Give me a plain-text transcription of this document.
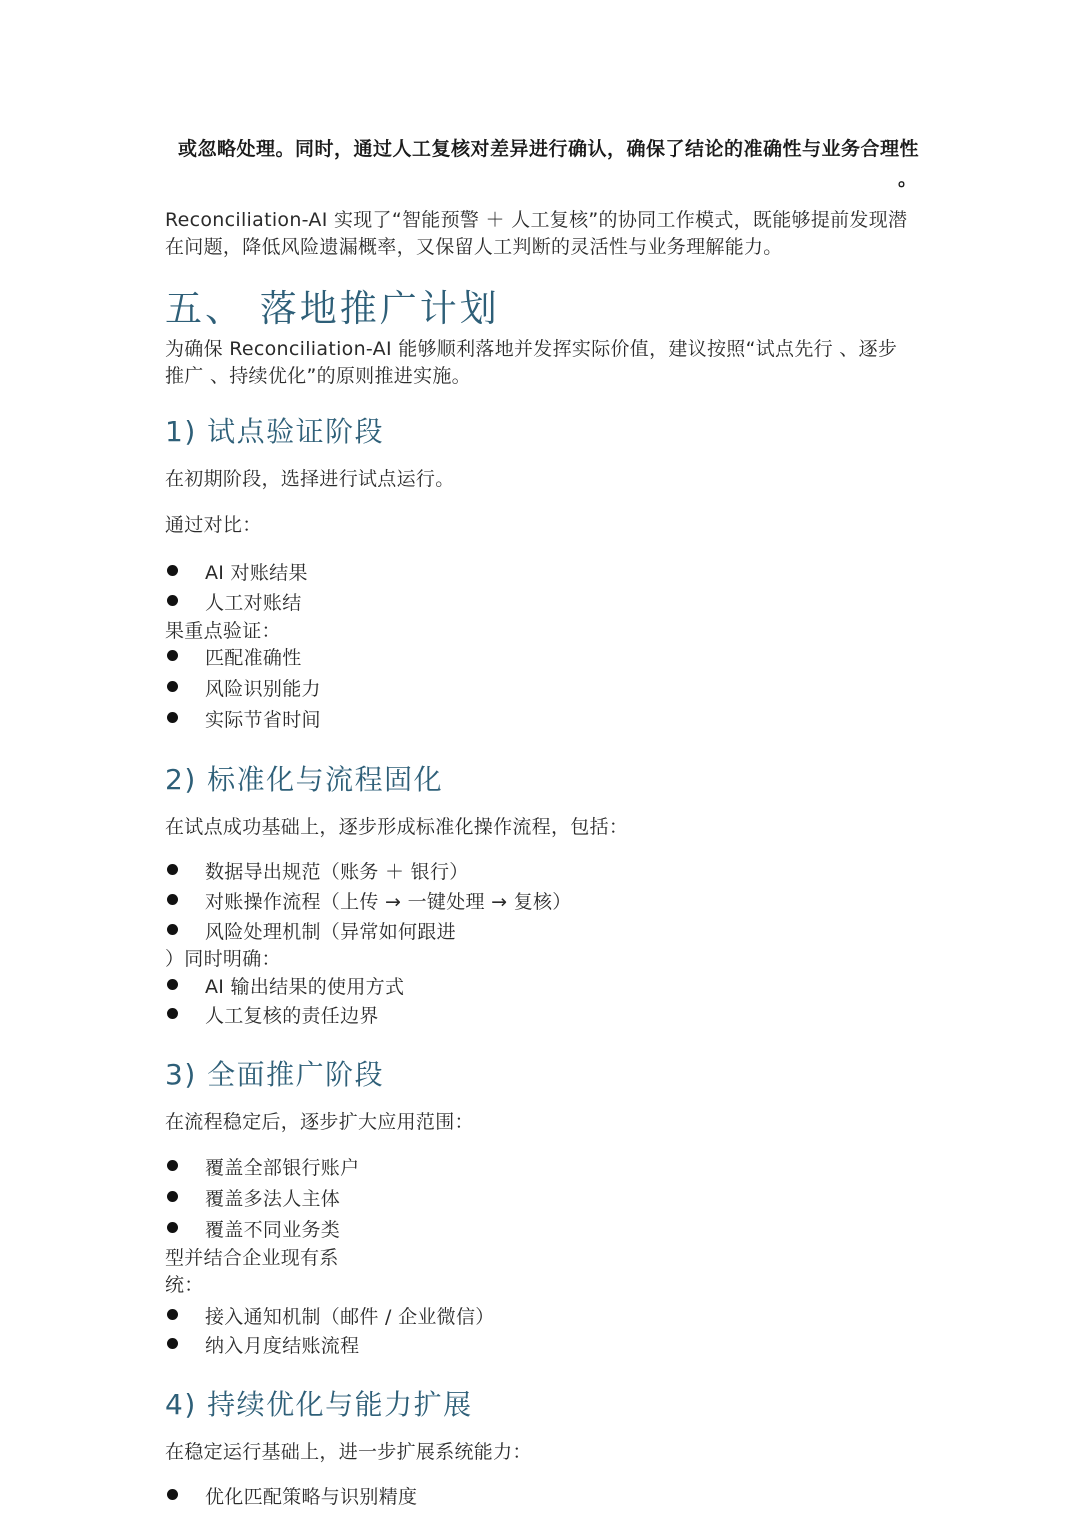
或忽略处理。同时，通过人工复核对差异进行确认，确保了结论的准确性与业务合理性
。
Reconciliation-AI 实现了“智能预警 ＋ 人工复核”的协同工作模式，既能够提前发现潜
在问题，降低风险遗漏概率，又保留人工判断的灵活性与业务理解能力。
五、 落地推广计划
为确保 Reconciliation-AI 能够顺利落地并发挥实际价值，建议按照“试点先行 、逐步
推广 、持续优化”的原则推进实施。
1) 试点验证阶段
在初期阶段，选择进行试点运行。
通过对比：
AI 对账结果
人工对账结
果重点验证：
匹配准确性
风险识别能力
实际节省时间
2) 标准化与流程固化
在试点成功基础上，逐步形成标准化操作流程，包括：
数据导出规范（账务 ＋ 银行）
对账操作流程（上传 → 一键处理 → 复核）
风险处理机制（异常如何跟进
）同时明确：
AI 输出结果的使用方式
人工复核的责任边界
3) 全面推广阶段
在流程稳定后，逐步扩大应用范围：
覆盖全部银行账户
覆盖多法人主体
覆盖不同业务类
型并结合企业现有系
统：
接入通知机制（邮件 / 企业微信）
纳入月度结账流程
4) 持续优化与能力扩展
在稳定运行基础上，进一步扩展系统能力：
优化匹配策略与识别精度
